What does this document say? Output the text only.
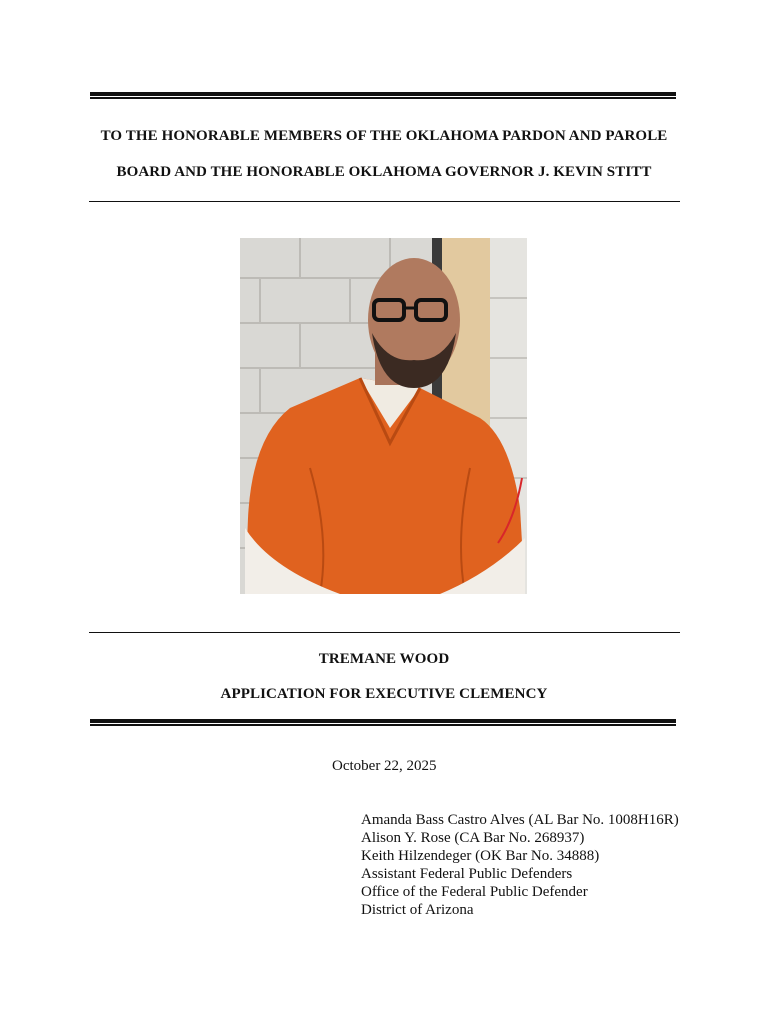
TO THE HONORABLE MEMBERS OF THE OKLAHOMA PARDON AND PAROLE
BOARD AND THE HONORABLE OKLAHOMA GOVERNOR J. KEVIN STITT
TREMANE WOOD
APPLICATION FOR EXECUTIVE CLEMENCY
October 22, 2025
Amanda Bass Castro Alves (AL Bar No. 1008H16R)
Alison Y. Rose (CA Bar No. 268937)
Keith Hilzendeger (OK Bar No. 34888)
Assistant Federal Public Defenders
Office of the Federal Public Defender
District of Arizona
